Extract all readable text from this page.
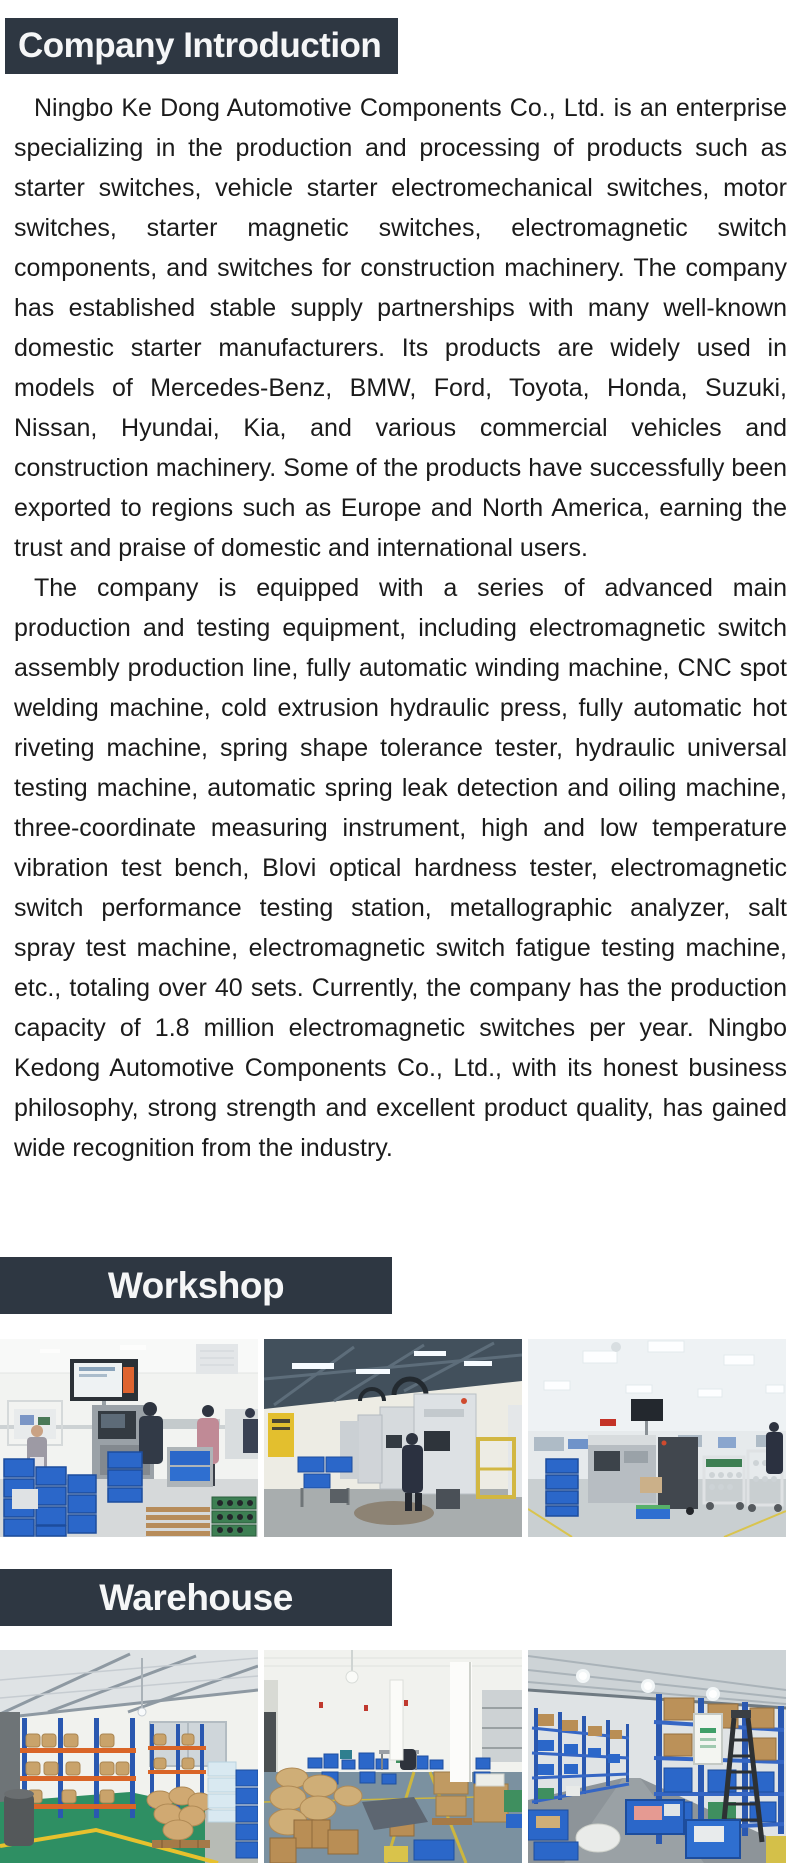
Company Introduction

Ningbo Ke Dong Automotive Components Co., Ltd. is an enterprise specializing in the production and processing of products such as starter switches, vehicle starter electromechanical switches, motor switches, starter magnetic switches, electromagnetic switch components, and switches for construction machinery. The company has established stable supply partnerships with many well-known domestic starter manufacturers. Its products are widely used in models of Mercedes-Benz, BMW, Ford, Toyota, Honda, Suzuki, Nissan, Hyundai, Kia, and various commercial vehicles and construction machinery. Some of the products have successfully been exported to regions such as Europe and North America, earning the trust and praise of domestic and international users.

The company is equipped with a series of advanced main production and testing equipment, including electromagnetic switch assembly production line, fully automatic winding machine, CNC spot welding machine, cold extrusion hydraulic press, fully automatic hot riveting machine, spring shape tolerance tester, hydraulic universal testing machine, automatic spring leak detection and oiling machine, three-coordinate measuring instrument, high and low temperature vibration test bench, Blovi optical hardness tester, electromagnetic switch performance testing station, metallographic analyzer, salt spray test machine, electromagnetic switch fatigue testing machine, etc., totaling over 40 sets. Currently, the company has the production capacity of 1.8 million electromagnetic switches per year. Ningbo Kedong Automotive Components Co., Ltd., with its honest business philosophy, strong strength and excellent product quality, has gained wide recognition from the industry.

Workshop
Warehouse
